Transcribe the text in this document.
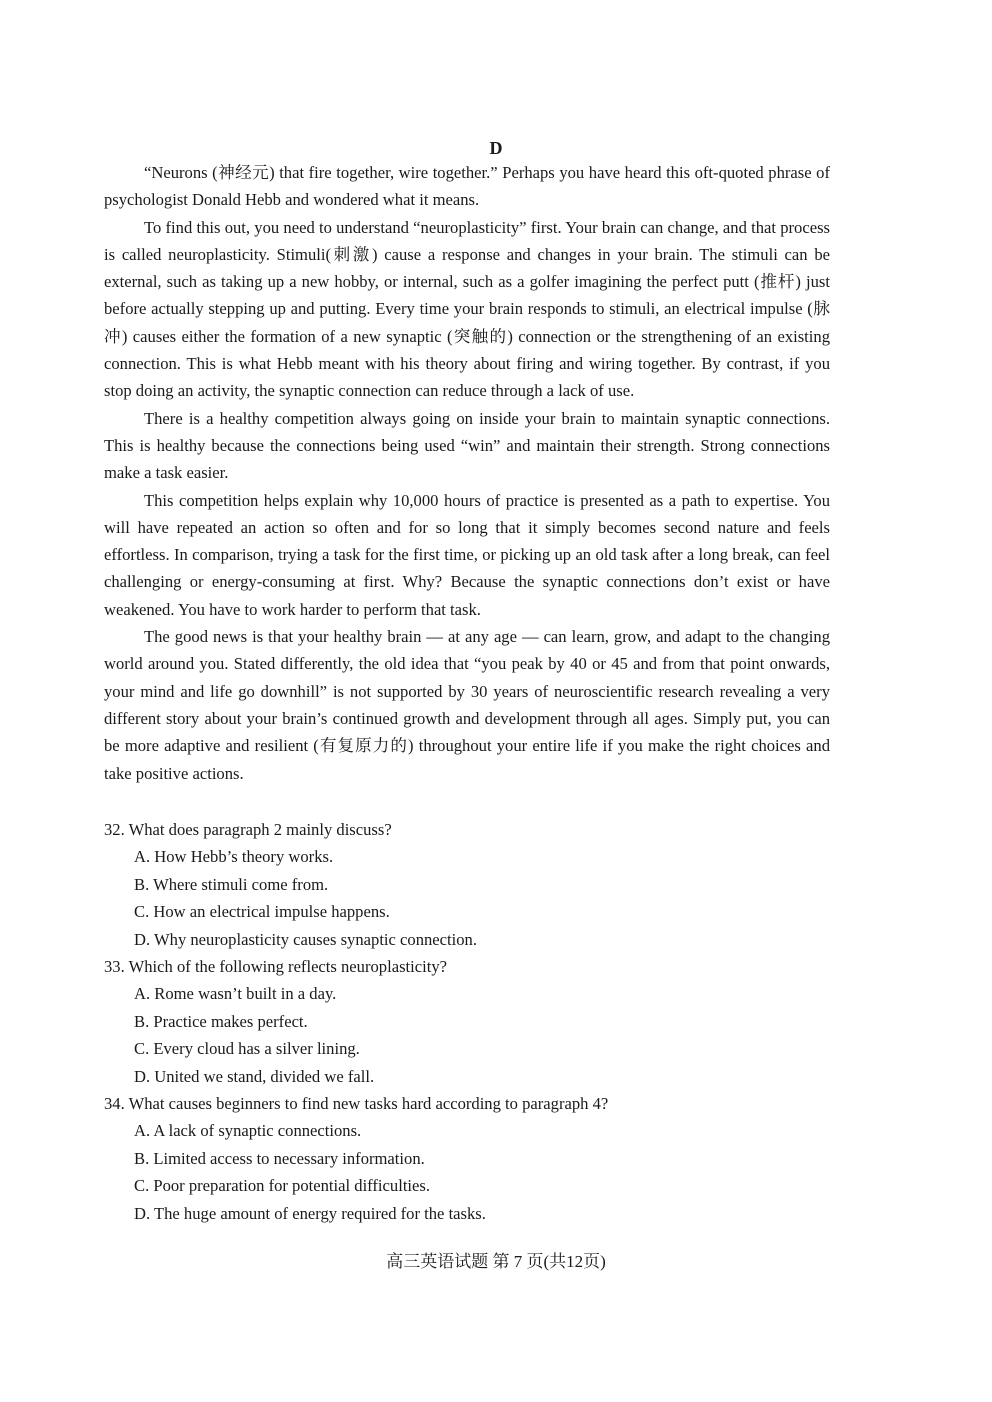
D

“Neurons (神经元) that fire together, wire together.” Perhaps you have heard this oft-quoted phrase of psychologist Donald Hebb and wondered what it means.

To find this out, you need to understand “neuroplasticity” first. Your brain can change, and that process is called neuroplasticity. Stimuli(刺激) cause a response and changes in your brain. The stimuli can be external, such as taking up a new hobby, or internal, such as a golfer imagining the perfect putt (推杆) just before actually stepping up and putting. Every time your brain responds to stimuli, an electrical impulse (脉冲) causes either the formation of a new synaptic (突触的) connection or the strengthening of an existing connection. This is what Hebb meant with his theory about firing and wiring together. By contrast, if you stop doing an activity, the synaptic connection can reduce through a lack of use.

There is a healthy competition always going on inside your brain to maintain synaptic connections. This is healthy because the connections being used “win” and maintain their strength. Strong connections make a task easier.

This competition helps explain why 10,000 hours of practice is presented as a path to expertise. You will have repeated an action so often and for so long that it simply becomes second nature and feels effortless. In comparison, trying a task for the first time, or picking up an old task after a long break, can feel challenging or energy-consuming at first. Why? Because the synaptic connections don’t exist or have weakened. You have to work harder to perform that task.

The good news is that your healthy brain — at any age — can learn, grow, and adapt to the changing world around you. Stated differently, the old idea that “you peak by 40 or 45 and from that point onwards, your mind and life go downhill” is not supported by 30 years of neuroscientific research revealing a very different story about your brain’s continued growth and development through all ages. Simply put, you can be more adaptive and resilient (有复原力的) throughout your entire life if you make the right choices and take positive actions.

32. What does paragraph 2 mainly discuss?

A. How Hebb’s theory works.
B. Where stimuli come from.
C. How an electrical impulse happens.
D. Why neuroplasticity causes synaptic connection.

33. Which of the following reflects neuroplasticity?

A. Rome wasn’t built in a day.
B. Practice makes perfect.
C. Every cloud has a silver lining.
D. United we stand, divided we fall.

34. What causes beginners to find new tasks hard according to paragraph 4?

A. A lack of synaptic connections.
B. Limited access to necessary information.
C. Poor preparation for potential difficulties.
D. The huge amount of energy required for the tasks.
高三英语试题 第 7 页(共12页)
